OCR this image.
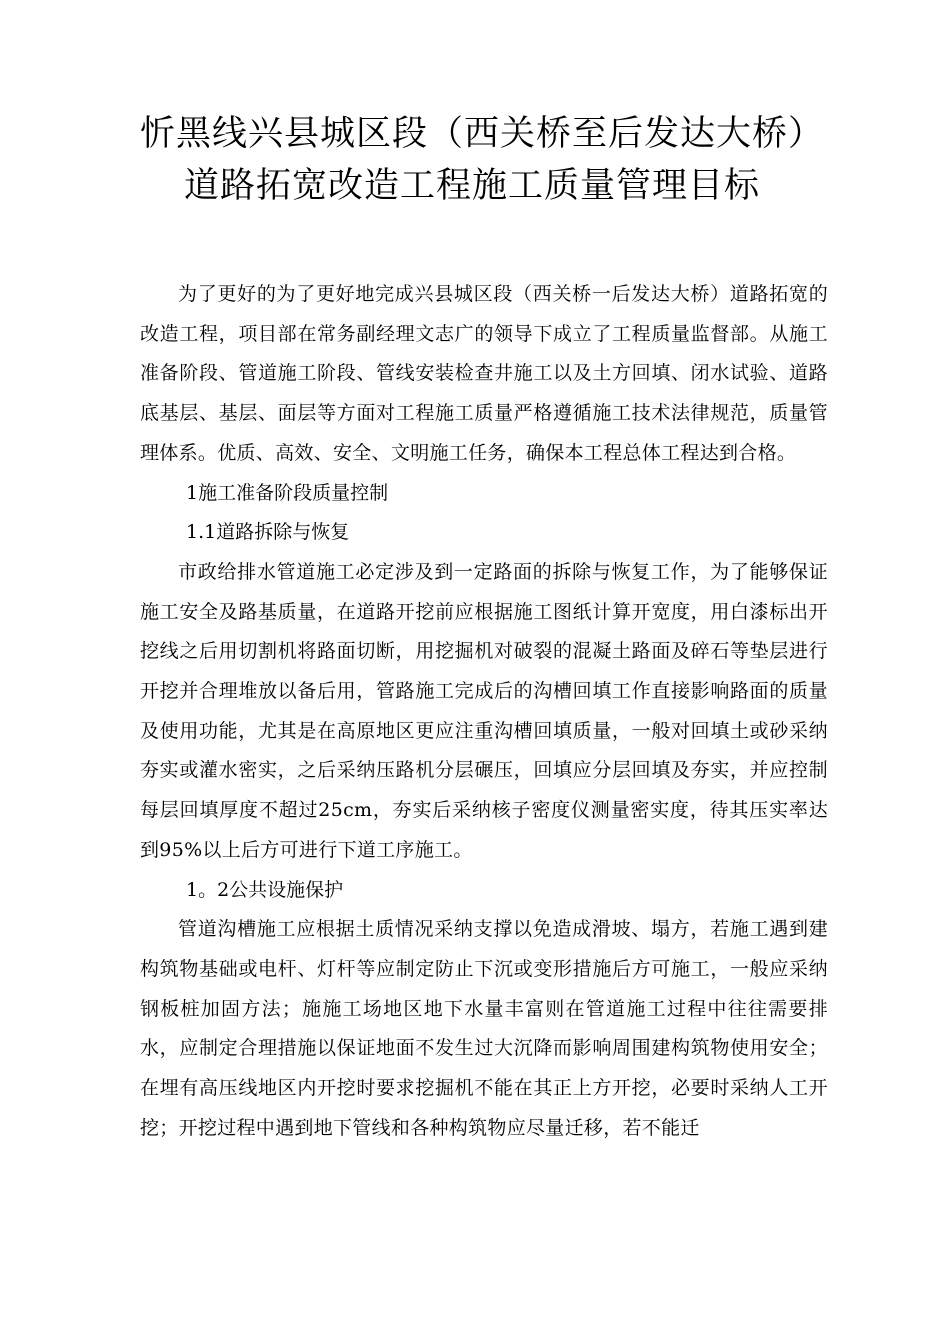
忻黑线兴县城区段（西关桥至后发达大桥）
道路拓宽改造工程施工质量管理目标

为了更好的为了更好地完成兴县城区段（西关桥一后发达大桥）道路拓宽的改造工程，项目部在常务副经理文志广的领导下成立了工程质量监督部。从施工准备阶段、管道施工阶段、管线安装检查井施工以及土方回填、闭水试验、道路底基层、基层、面层等方面对工程施工质量严格遵循施工技术法律规范，质量管理体系。优质、高效、安全、文明施工任务，确保本工程总体工程达到合格。

1施工准备阶段质量控制

1.1道路拆除与恢复

市政给排水管道施工必定涉及到一定路面的拆除与恢复工作，为了能够保证施工安全及路基质量，在道路开挖前应根据施工图纸计算开宽度，用白漆标出开挖线之后用切割机将路面切断，用挖掘机对破裂的混凝土路面及碎石等垫层进行开挖并合理堆放以备后用，管路施工完成后的沟槽回填工作直接影响路面的质量及使用功能，尤其是在高原地区更应注重沟槽回填质量，一般对回填土或砂采纳夯实或灌水密实，之后采纳压路机分层碾压，回填应分层回填及夯实，并应控制每层回填厚度不超过25cm，夯实后采纳核子密度仪测量密实度，待其压实率达到95%以上后方可进行下道工序施工。

1。2公共设施保护

管道沟槽施工应根据土质情况采纳支撑以免造成滑坡、塌方，若施工遇到建构筑物基础或电杆、灯杆等应制定防止下沉或变形措施后方可施工，一般应采纳钢板桩加固方法；施施工场地区地下水量丰富则在管道施工过程中往往需要排水，应制定合理措施以保证地面不发生过大沉降而影响周围建构筑物使用安全；在埋有高压线地区内开挖时要求挖掘机不能在其正上方开挖，必要时采纳人工开挖；开挖过程中遇到地下管线和各种构筑物应尽量迁移，若不能迁
